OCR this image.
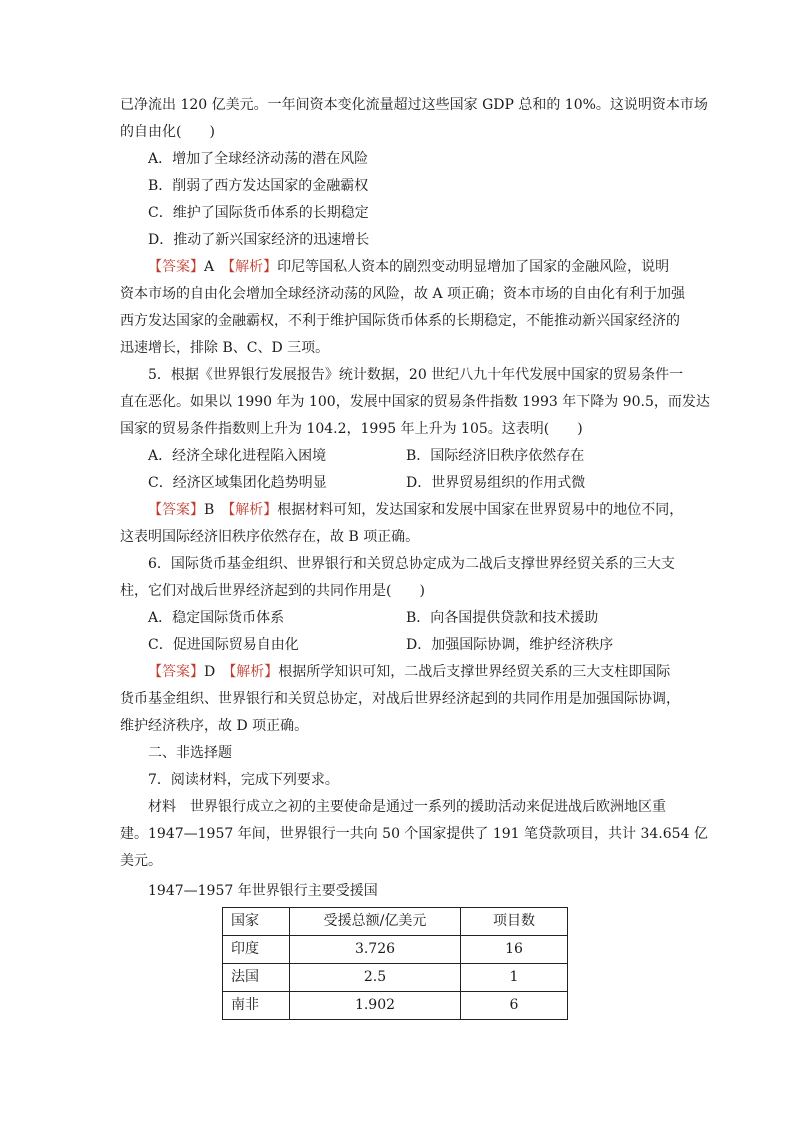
已净流出 120 亿美元。一年间资本变化流量超过这些国家 GDP 总和的 10%。这说明资本市场
的自由化(　　)
A．增加了全球经济动荡的潜在风险
B．削弱了西方发达国家的金融霸权
C．维护了国际货币体系的长期稳定
D．推动了新兴国家经济的迅速增长
【答案】A　【解析】印尼等国私人资本的剧烈变动明显增加了国家的金融风险，说明
资本市场的自由化会增加全球经济动荡的风险，故 A 项正确；资本市场的自由化有利于加强
西方发达国家的金融霸权，不利于维护国际货币体系的长期稳定，不能推动新兴国家经济的
迅速增长，排除 B、C、D 三项。
5．根据《世界银行发展报告》统计数据，20 世纪八九十年代发展中国家的贸易条件一
直在恶化。如果以 1990 年为 100，发展中国家的贸易条件指数 1993 年下降为 90.5，而发达
国家的贸易条件指数则上升为 104.2，1995 年上升为 105。这表明(　　)
A．经济全球化进程陷入困境	B．国际经济旧秩序依然存在
C．经济区域集团化趋势明显	D．世界贸易组织的作用式微
【答案】B　【解析】根据材料可知，发达国家和发展中国家在世界贸易中的地位不同，
这表明国际经济旧秩序依然存在，故 B 项正确。
6．国际货币基金组织、世界银行和关贸总协定成为二战后支撑世界经贸关系的三大支
柱，它们对战后世界经济起到的共同作用是(　　)
A．稳定国际货币体系	B．向各国提供贷款和技术援助
C．促进国际贸易自由化	D．加强国际协调，维护经济秩序
【答案】D　【解析】根据所学知识可知，二战后支撑世界经贸关系的三大支柱即国际
货币基金组织、世界银行和关贸总协定，对战后世界经济起到的共同作用是加强国际协调，
维护经济秩序，故 D 项正确。
二、非选择题
7．阅读材料，完成下列要求。
材料　世界银行成立之初的主要使命是通过一系列的援助活动来促进战后欧洲地区重
建。1947—1957 年间，世界银行一共向 50 个国家提供了 191 笔贷款项目，共计 34.654 亿
美元。
1947—1957 年世界银行主要受援国
国家	受援总额/亿美元	项目数
印度	3.726	16
法国	2.5	1
南非	1.902	6
